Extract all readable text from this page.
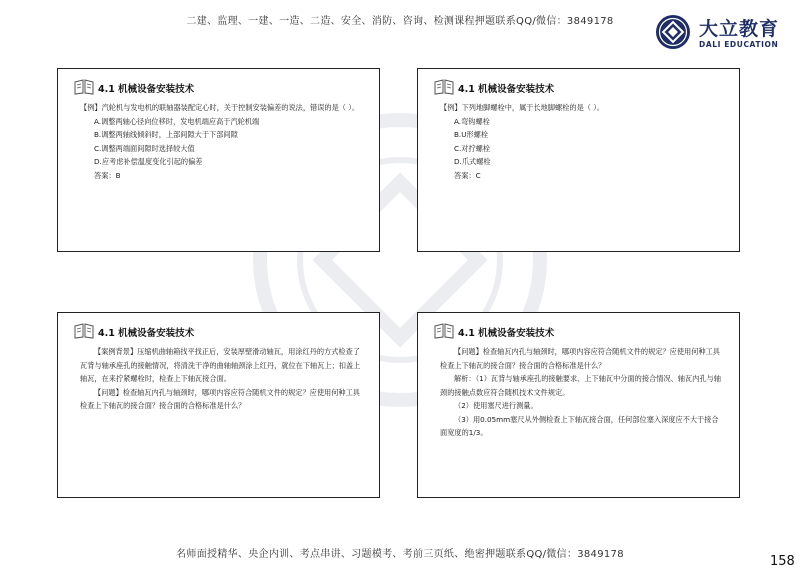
二建、监理、一建、一造、二造、安全、消防、咨询、检测课程押题联系QQ/微信：3849178	大立教育
DALI EDUCATION
4.1 机械设备安装技术

【例】汽轮机与发电机的联轴器装配定心时，关于控制安装偏差的说法，错误的是（ ）。

A.调整两轴心径向位移时，发电机端应高于汽轮机端

B.调整两轴线倾斜时，上部间隙大于下部间隙

C.调整两端面间隙时选择较大值

D.应考虑补偿温度变化引起的偏差

答案：B

4.1 机械设备安装技术

【例】下列地脚螺栓中，属于长地脚螺栓的是（ ）。

A.弯钩螺栓

B.U形螺栓

C.对拧螺栓

D.爪式螺栓

答案：C

4.1 机械设备安装技术

【案例背景】压缩机曲轴箱找平找正后，安装厚壁滑动轴瓦，用涂红丹的方式检查了瓦背与轴承座孔的接触情况，将清洗干净的曲轴轴颈涂上红丹，就位在下轴瓦上；扣盖上轴瓦，在来拧紧螺栓时，检查上下轴瓦接合面。

【问题】检查轴瓦内孔与轴颈时，哪项内容应符合随机文件的规定？应使用何种工具检查上下轴瓦的接合面？接合面的合格标准是什么？

4.1 机械设备安装技术

【问题】检查轴瓦内孔与轴颈时，哪项内容应符合随机文件的规定？应使用何种工具检查上下轴瓦的接合面？接合面的合格标准是什么？

解析：（1）瓦背与轴承座孔的接触要求、上下轴瓦中分面的接合情况、轴瓦内孔与轴颈的接触点数应符合随机技术文件规定。

（2）使用塞尺进行测量。

（3）用0.05mm塞尺从外侧检查上下轴瓦接合面，任何部位塞入深度应不大于接合面宽度的1/3。

名师面授精华、央企内训、考点串讲、习题模考、考前三页纸、绝密押题联系QQ/微信：3849178	158
